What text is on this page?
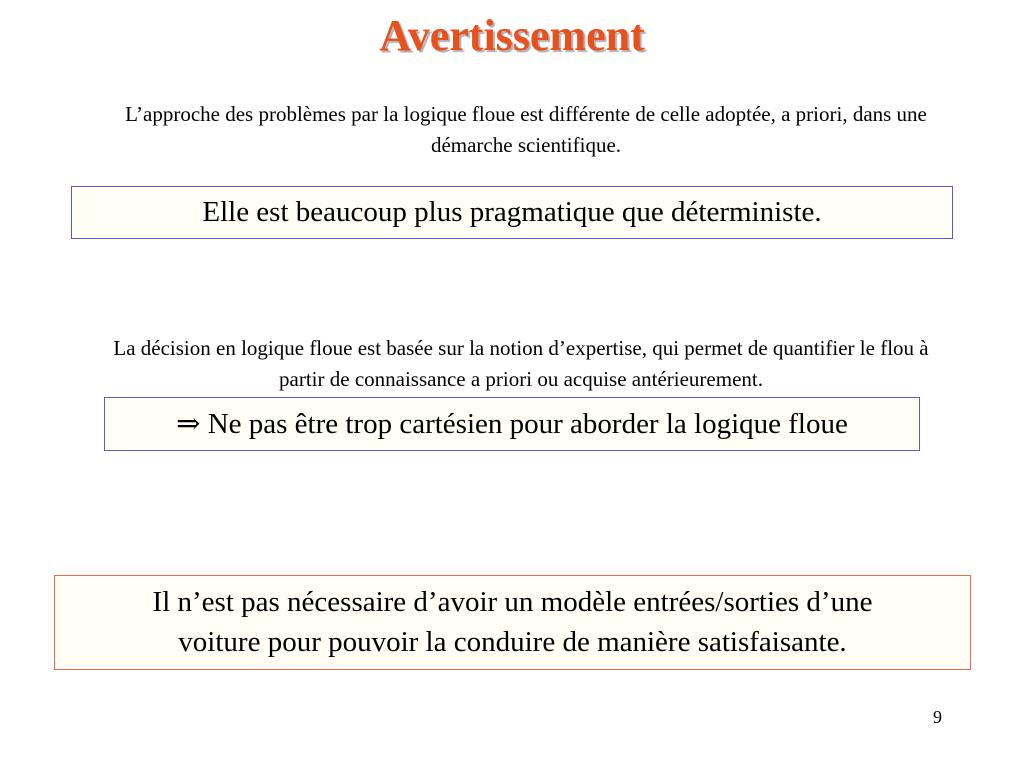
Avertissement
L’approche des problèmes par la logique floue est différente de celle adoptée, a priori, dans une démarche scientifique.
Elle est beaucoup plus pragmatique que déterministe.
La décision en logique floue est basée sur la notion d’expertise, qui permet de quantifier le flou à partir de connaissance a priori ou acquise antérieurement.
⇒ Ne pas être trop cartésien pour aborder la logique floue
Il n’est pas nécessaire d’avoir un modèle entrées/sorties d’une
voiture pour pouvoir la conduire de manière satisfaisante.
9
